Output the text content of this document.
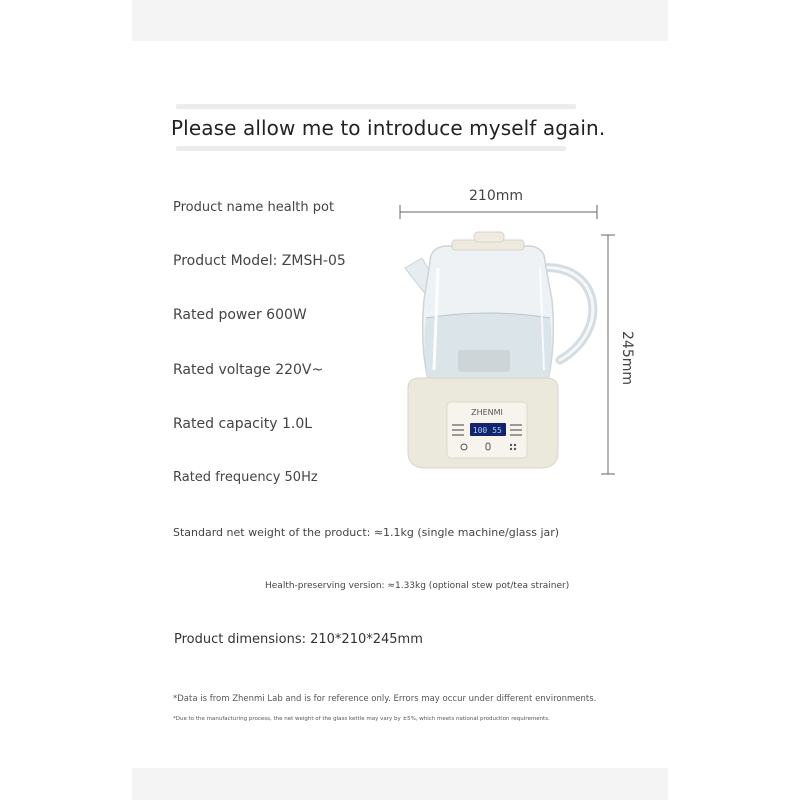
Please allow me to introduce myself again.
Product name health pot
Product Model: ZMSH-05
Rated power 600W
Rated voltage 220V~
Rated capacity 1.0L
Rated frequency 50Hz
Standard net weight of the product: ≈1.1kg (single machine/glass jar)
Health-preserving version: ≈1.33kg (optional stew pot/tea strainer)
Product dimensions: 210*210*245mm
*Data is from Zhenmi Lab and is for reference only. Errors may occur under different environments.
*Due to the manufacturing process, the net weight of the glass kettle may vary by ±5%, which meets national production requirements.
210mm
245mm
ZHENMI
100 55
